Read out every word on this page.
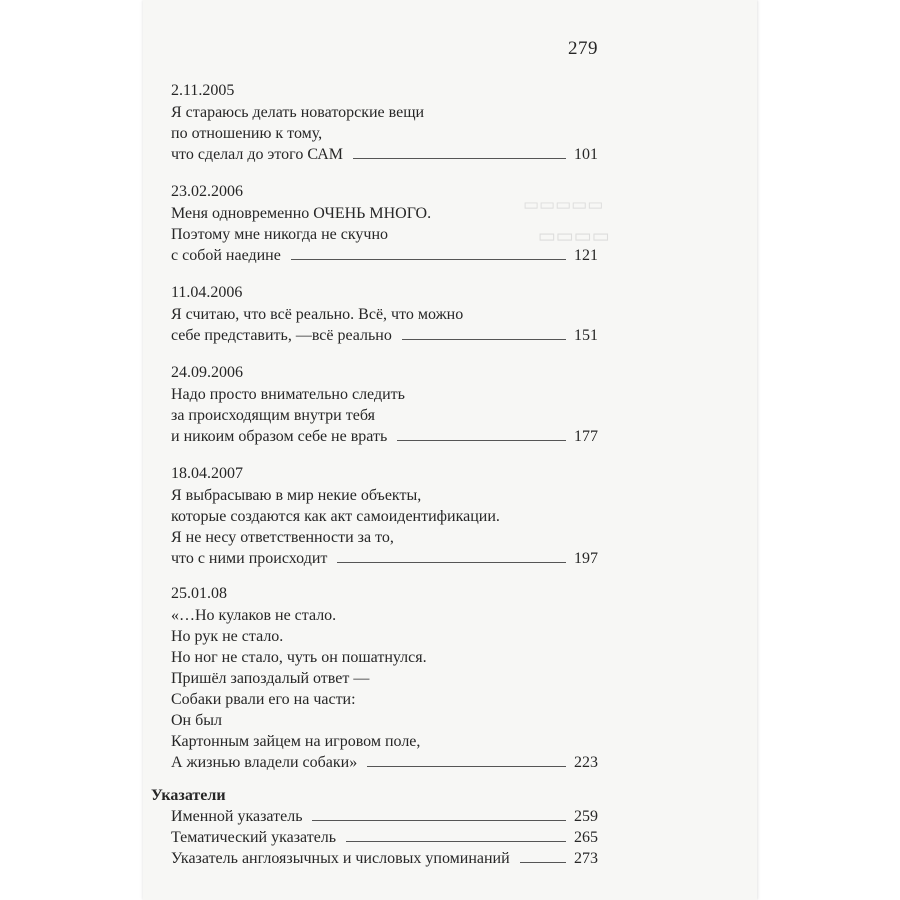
▭▭▭▭▭
▭▭▭▭
279
2.11.2005
Я стараюсь делать новаторские вещи
по отношению к тому,
что сделал до этого САМ	101
23.02.2006
Меня одновременно ОЧЕНЬ МНОГО.
Поэтому мне никогда не скучно
с собой наедине	121
11.04.2006
Я считаю, что всё реально. Всё, что можно
себе представить, —всё реально	151
24.09.2006
Надо просто внимательно следить
за происходящим внутри тебя
и никоим образом себе не врать	177
18.04.2007
Я выбрасываю в мир некие объекты,
которые создаются как акт самоидентификации.
Я не несу ответственности за то,
что с ними происходит	197
25.01.08
«…Но кулаков не стало.
Но рук не стало.
Но ног не стало, чуть он пошатнулся.
Пришёл запоздалый ответ —
Собаки рвали его на части:
Он был
Картонным зайцем на игровом поле,
А жизнью владели собаки»	223
Указатели
Именной указатель	259
Тематический указатель	265
Указатель англоязычных и числовых упоминаний	273
